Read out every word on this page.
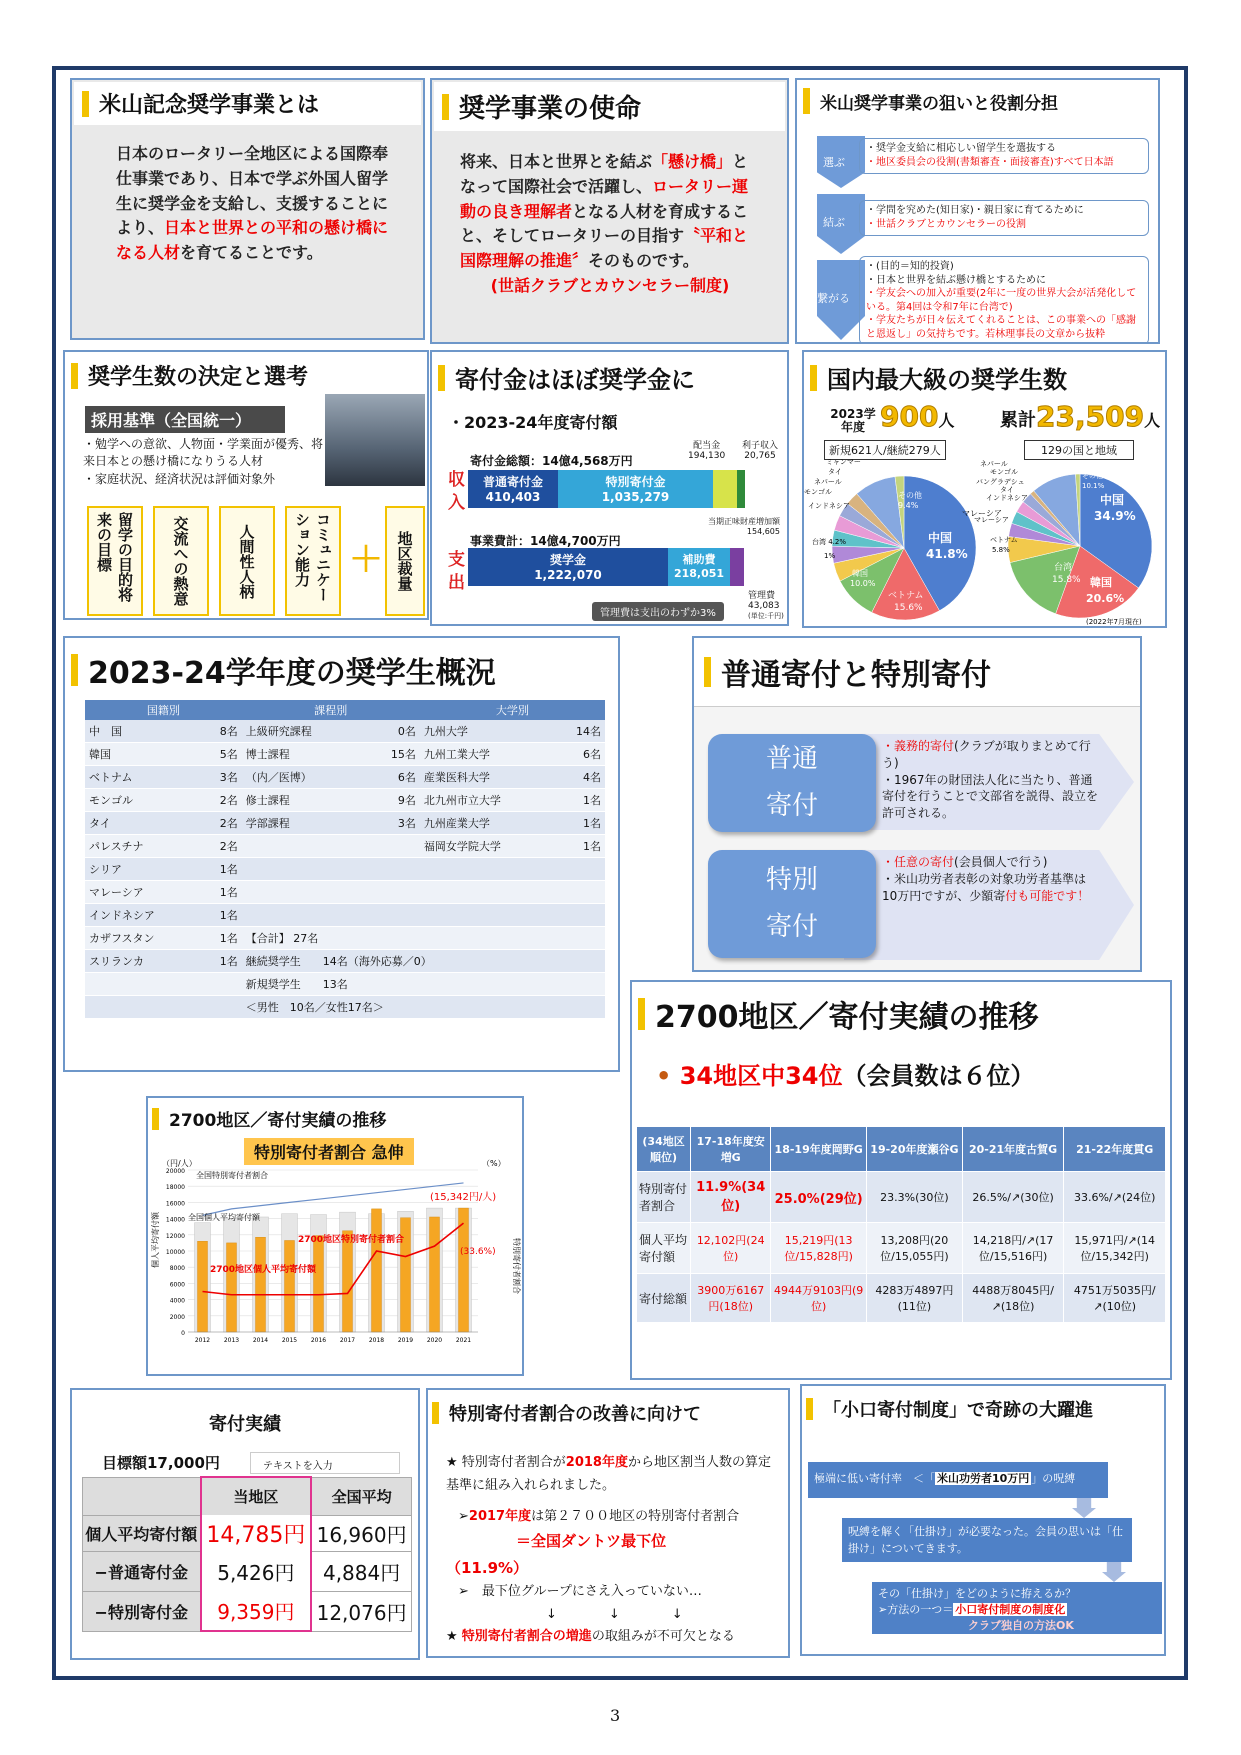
米山記念奨学事業とは
日本のロータリー全地区による国際奉仕事業であり、日本で学ぶ外国人留学生に奨学金を支給し、支援することにより、日本と世界との平和の懸け橋になる人材を育てることです。
奨学事業の使命
将来、日本と世界とを結ぶ「懸け橋」となって国際社会で活躍し、ロータリー運動の良き理解者となる人材を育成すること、そしてロータリーの目指す〝平和と国際理解の推進〞そのものです。

(世話クラブとカウンセラー制度)
米山奨学事業の狙いと役割分担
選ぶ
・奨学金支給に相応しい留学生を選抜する
・地区委員会の役割(書類審査・面接審査)すべて日本語
結ぶ
・学問を究めた(知日家)・親日家に育てるために
・世話クラブとカウンセラーの役割
繋がる
・(目的＝知的投資)
・日本と世界を結ぶ懸け橋とするために
・学友会への加入が重要(2年に一度の世界大会が活発化している。第4回は令和7年に台湾で)
・学友たちが日々伝えてくれることは、この事業への「感謝と恩返し」の気持ちです。若林理事長の文章から抜粋
奨学生数の決定と選考
採用基準（全国統一）
・勉学への意欲、人物面・学業面が優秀、将来日本との懸け橋になりうる人材
・家庭状況、経済状況は評価対象外
留学の目的将来の目標	交流への熱意	人間性人柄	コミュニケーション能力	＋ 地区裁量
寄付金はほぼ奨学金に
・2023-24年度寄付額
収入
支出
寄付金総額：14億4,568万円
普通寄付金
410,403
特別寄付金
1,035,279
配当金
194,130
利子収入
20,765
事業費計：14億4,700万円
奨学金
1,222,070
補助費
218,051
当期正味財産増加額
154,605
管理費
43,083
(単位:千円)
管理費は支出のわずか3%
国内最大級の奨学生数
2023学年度 900人
新規621人/継続279人
累計23,509人
129の国と地域
中国
41.8%
ベトナム
15.6%
韓国
10.0%
台湾 4.2%
その他
9.4%
ミャンマー
タイ
ネパール
モンゴル
インドネシア
マレーシア
1%
中国
34.9%
韓国
20.6%
台湾
15.8%
ベトナム
5.8%
その他
10.1%
ネパール
モンゴル
バングラデシュ
タイ
インドネシア
マレーシア
(2022年7月現在)
2023-24学年度の奨学生概況
国籍別		課程別		大学別	
中　国	8名	上級研究課程	0名	九州大学	14名
韓国	5名	博士課程	15名	九州工業大学	6名
ベトナム	3名	（内／医博）	6名	産業医科大学	4名
モンゴル	2名	修士課程	9名	北九州市立大学	1名
タイ	2名	学部課程	3名	九州産業大学	1名
パレスチナ	2名			福岡女学院大学	1名
シリア	1名				
マレーシア	1名				
インドネシア	1名				
カザフスタン	1名	【合計】 27名			
スリランカ	1名	継続奨学生　　14名（海外応募／0）			
		新規奨学生　　13名			
		＜男性　10名／女性17名＞			
普通寄付と特別寄付
普通寄付
・義務的寄付(クラブが取りまとめて行う)
・1967年の財団法人化に当たり、普通寄付を行うことで文部省を説得、設立を許可される。
特別寄付
・任意の寄付(会員個人で行う)
・米山功労者表彰の対象功労者基準は10万円ですが、少額寄付も可能です！
2700地区／寄付実績の推移
• 34地区中34位（会員数は６位）
(34地区順位)	17-18年度安増G	18-19年度岡野G	19-20年度瀬谷G	20-21年度古賀G	21-22年度貫G
特別寄付者割合	11.9%(34位)	25.0%(29位)	23.3%(30位)	26.5%/↗(30位)	33.6%/↗(24位)
個人平均寄付額	12,102円(24位)	15,219円(13位/15,828円)	13,208円(20位/15,055円)	14,218円/↗(17位/15,516円)	15,971円/↗(14位/15,342円)
寄付総額	3900万6167円(18位)	4944万9103円(9位)	4283万4897円(11位)	4488万8045円/↗(18位)	4751万5035円/↗(10位)
2700地区／寄付実績の推移
特別寄付者割合 急伸
（円/人）	（%）
個人平均寄付額	特別寄付者割合
0
2000
4000
6000
8000
10000
12000
14000
16000
18000
20000
2012 2013 2014 2015 2016 2017 2018 2019 2020 2021
全国特別寄付者割合
全国個人平均寄付額
2700地区特別寄付者割合
2700地区個人平均寄付額
(15,342円/人)
(33.6%)
寄付実績
目標額17,000円	テキストを入力
	当地区	全国平均
個人平均寄付額	14,785円	16,960円
−普通寄付金	5,426円	4,884円
−特別寄付金	9,359円	12,076円
特別寄付者割合の改善に向けて
★ 特別寄付者割合が2018年度から地区割当人数の算定基準に組み入れられました。
➢2017年度は第２７００地区の特別寄付者割合
＝全国ダントツ最下位
（11.9%）
➢　最下位グループにさえ入っていない…
↓　　　　↓　　　　↓
★ 特別寄付者割合の増進の取組みが不可欠となる
「小口寄付制度」で奇跡の大躍進
極端に低い寄付率　＜「 米山功労者10万円 」の呪縛
呪縛を解く「仕掛け」が必要なった。会員の思いは「仕掛け」についてきます。
その「仕掛け」をどのように拵えるか？
➢方法の一つ＝ 小口寄付制度の制度化
クラブ独自の方法OK
3
